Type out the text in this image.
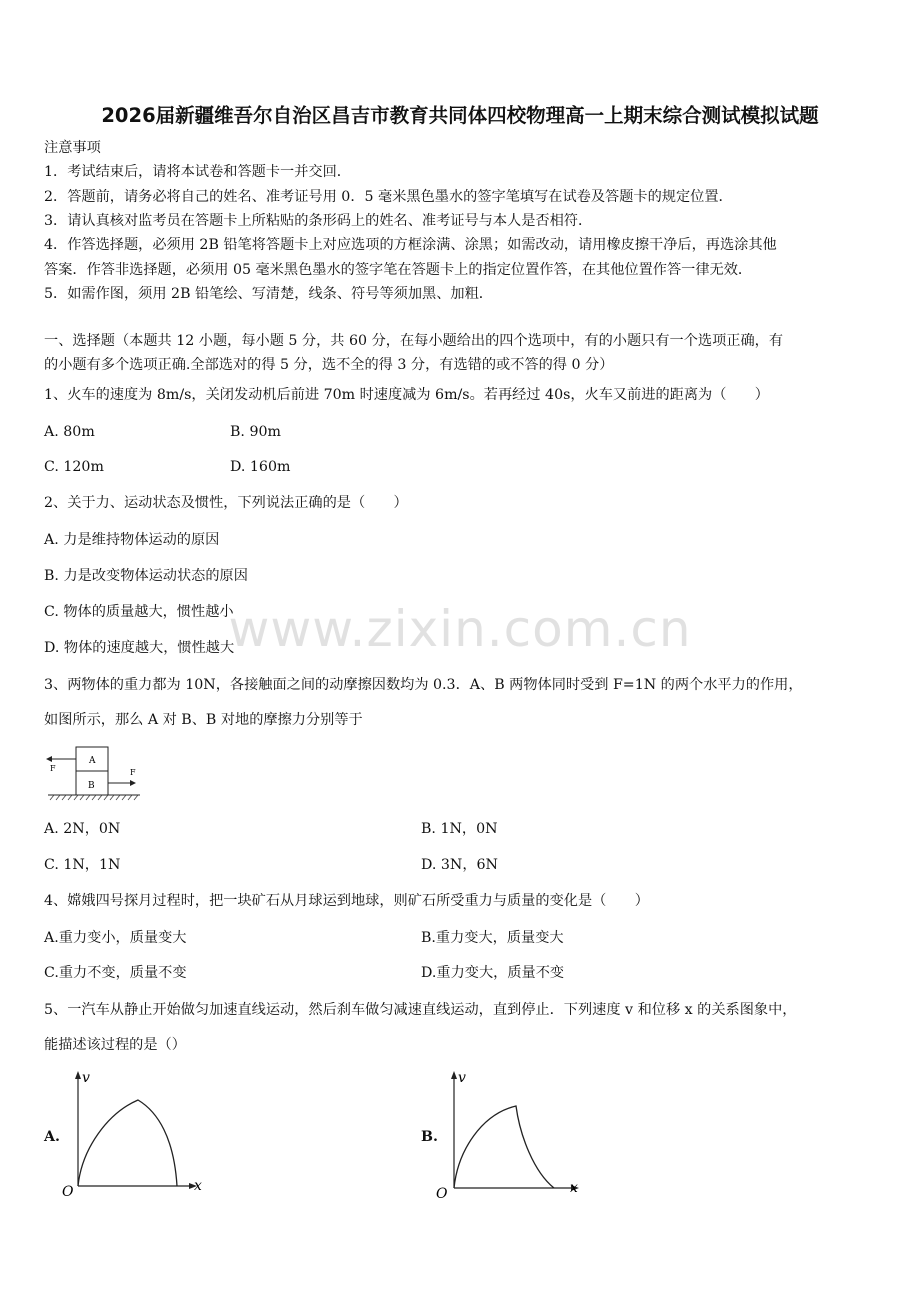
2026届新疆维吾尔自治区昌吉市教育共同体四校物理高一上期末综合测试模拟试题
注意事项
1．考试结束后，请将本试卷和答题卡一并交回．
2．答题前，请务必将自己的姓名、准考证号用 0．5 毫米黑色墨水的签字笔填写在试卷及答题卡的规定位置．
3．请认真核对监考员在答题卡上所粘贴的条形码上的姓名、准考证号与本人是否相符．
4．作答选择题，必须用 2B 铅笔将答题卡上对应选项的方框涂满、涂黑；如需改动，请用橡皮擦干净后，再选涂其他
答案．作答非选择题，必须用 05 毫米黑色墨水的签字笔在答题卡上的指定位置作答，在其他位置作答一律无效．
5．如需作图，须用 2B 铅笔绘、写清楚，线条、符号等须加黑、加粗．
一、选择题（本题共 12 小题，每小题 5 分，共 60 分，在每小题给出的四个选项中，有的小题只有一个选项正确，有
的小题有多个选项正确.全部选对的得 5 分，选不全的得 3 分，有选错的或不答的得 0 分）
1、火车的速度为 8m/s，关闭发动机后前进 70m 时速度减为 6m/s。若再经过 40s，火车又前进的距离为（　　）
A. 80m	B. 90m
C. 120m	D. 160m
2、关于力、运动状态及惯性，下列说法正确的是（　　）
A. 力是维持物体运动的原因
B. 力是改变物体运动状态的原因
C. 物体的质量越大，惯性越小
D. 物体的速度越大，惯性越大
www.zixin.com.cn
3、两物体的重力都为 10N，各接触面之间的动摩擦因数均为 0.3．A、B 两物体同时受到 F=1N 的两个水平力的作用，
如图所示，那么 A 对 B、B 对地的摩擦力分别等于
A
B
F	F
A. 2N，0N	B. 1N，0N
C. 1N，1N	D. 3N，6N
4、嫦娥四号探月过程时，把一块矿石从月球运到地球，则矿石所受重力与质量的变化是（　　）
A.重力变小，质量变大	B.重力变大，质量变大
C.重力不变，质量不变	D.重力变大，质量不变
5、一汽车从静止开始做匀加速直线运动，然后刹车做匀减速直线运动，直到停止．下列速度 v 和位移 x 的关系图象中，
能描述该过程的是（）
A.
v
x
O
B.
v
x
O
